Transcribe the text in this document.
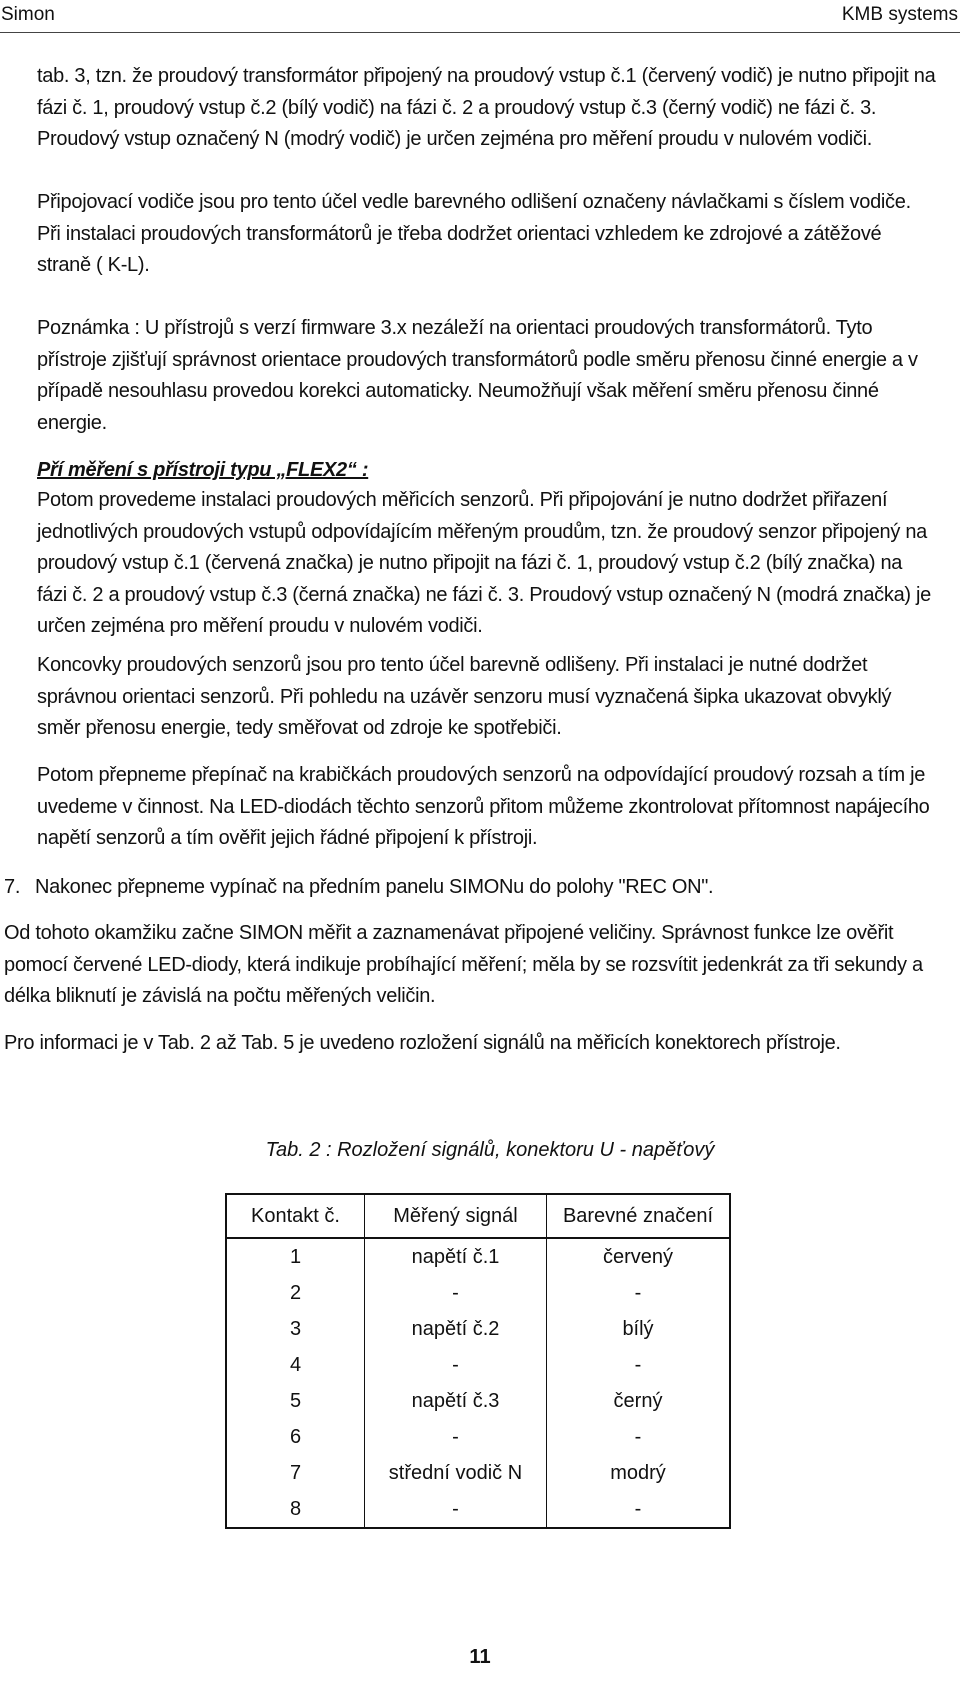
Simon	KMB systems

tab. 3, tzn. že proudový transformátor připojený na proudový vstup č.1 (červený vodič) je nutno připojit na fázi č. 1, proudový vstup č.2 (bílý vodič) na fázi č. 2 a proudový vstup č.3 (černý vodič) ne fázi č. 3. Proudový vstup označený N (modrý vodič) je určen zejména pro měření proudu v nulovém vodiči.

Připojovací vodiče jsou pro tento účel vedle barevného odlišení označeny návlačkami s číslem vodiče. Při instalaci proudových transformátorů je třeba dodržet orientaci vzhledem ke zdrojové a zátěžové straně ( K-L).

Poznámka : U přístrojů s verzí firmware 3.x nezáleží na orientaci proudových transformátorů. Tyto přístroje zjišťují správnost orientace proudových transformátorů podle směru přenosu činné energie a v případě nesouhlasu provedou korekci automaticky. Neumožňují však měření směru přenosu činné energie.

Pří měření s přístroji typu „FLEX2“ :

Potom provedeme instalaci proudových měřicích senzorů. Při připojování je nutno dodržet přiřazení jednotlivých proudových vstupů odpovídajícím měřeným proudům, tzn. že proudový senzor připojený na proudový vstup č.1 (červená značka) je nutno připojit na fázi č. 1, proudový vstup č.2 (bílý značka) na fázi č. 2 a proudový vstup č.3 (černá značka) ne fázi č. 3. Proudový vstup označený N (modrá značka) je určen zejména pro měření proudu v nulovém vodiči.

Koncovky proudových senzorů jsou pro tento účel barevně odlišeny. Při instalaci je nutné dodržet správnou orientaci senzorů. Při pohledu na uzávěr senzoru musí vyznačená šipka ukazovat obvyklý směr přenosu energie, tedy směřovat od zdroje ke spotřebiči.

Potom přepneme přepínač na krabičkách proudových senzorů na odpovídající proudový rozsah a tím je uvedeme v činnost. Na LED-diodách těchto senzorů přitom můžeme zkontrolovat přítomnost napájecího napětí senzorů a tím ověřit jejich řádné připojení k přístroji.

7. Nakonec přepneme vypínač na předním panelu SIMONu do polohy "REC ON".

Od tohoto okamžiku začne SIMON měřit a zaznamenávat připojené veličiny. Správnost funkce lze ověřit pomocí červené LED-diody, která indikuje probíhající měření; měla by se rozsvítit jedenkrát za tři sekundy a délka bliknutí je závislá na počtu měřených veličin.

Pro informaci je v Tab. 2 až Tab. 5 je uvedeno rozložení signálů na měřicích konektorech přístroje.

Tab. 2 : Rozložení signálů, konektoru U - napěťový
Kontakt č.	Měřený signál	Barevné značení
1	napětí č.1	červený
2	-	-
3	napětí č.2	bílý
4	-	-
5	napětí č.3	černý
6	-	-
7	střední vodič N	modrý
8	-	-
11
